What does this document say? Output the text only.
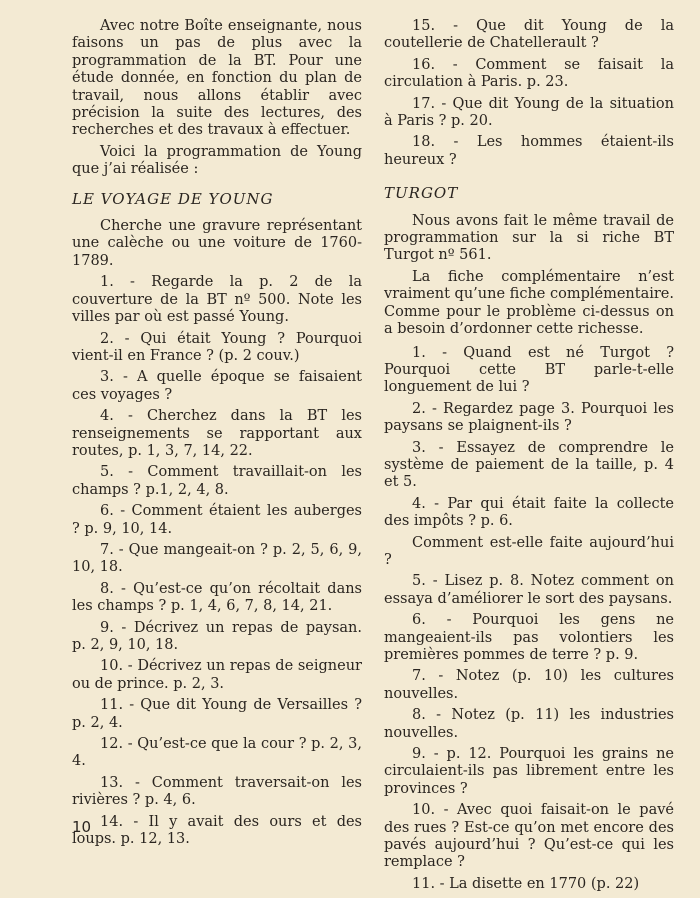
Avec notre Boîte enseignante, nous faisons un pas de plus avec la programmation de la BT. Pour une étude donnée, en fonction du plan de travail, nous allons établir avec précision la suite des lectures, des recherches et des travaux à effectuer.

Voici la programmation de Young que j’ai réalisée :

LE VOYAGE DE YOUNG

Cherche une gravure représentant une calèche ou une voiture de 1760-1789.

1. - Regarde la p. 2 de la couverture de la BT nº 500. Note les villes par où est passé Young.

2. - Qui était Young ? Pourquoi vient-il en France ? (p. 2 couv.)

3. - A quelle époque se faisaient ces voyages ?

4. - Cherchez dans la BT les renseignements se rapportant aux routes, p. 1, 3, 7, 14, 22.

5. - Comment travaillait-on les champs ? p.1, 2, 4, 8.

6. - Comment étaient les auberges ? p. 9, 10, 14.

7. - Que mangeait-on ? p. 2, 5, 6, 9, 10, 18.

8. - Qu’est-ce qu’on récoltait dans les champs ? p. 1, 4, 6, 7, 8, 14, 21.

9. - Décrivez un repas de paysan. p. 2, 9, 10, 18.

10. - Décrivez un repas de seigneur ou de prince. p. 2, 3.

11. - Que dit Young de Versailles ? p. 2, 4.

12. - Qu’est-ce que la cour ? p. 2, 3, 4.

13. - Comment traversait-on les rivières ? p. 4, 6.

14. - Il y avait des ours et des loups. p. 12, 13.

15. - Que dit Young de la coutellerie de Chatellerault ?

16. - Comment se faisait la circulation à Paris. p. 23.

17. - Que dit Young de la situation à Paris ? p. 20.

18. - Les hommes étaient-ils heureux ?

TURGOT

Nous avons fait le même travail de programmation sur la si riche BT Turgot nº 561.

La fiche complémentaire n’est vraiment qu’une fiche complémentaire. Comme pour le problème ci-dessus on a besoin d’ordonner cette richesse.

1. - Quand est né Turgot ? Pourquoi cette BT parle-t-elle longuement de lui ?

2. - Regardez page 3. Pourquoi les paysans se plaignent-ils ?

3. - Essayez de comprendre le système de paiement de la taille, p. 4 et 5.

4. - Par qui était faite la collecte des impôts ? p. 6.

Comment est-elle faite aujourd’hui ?

5. - Lisez p. 8. Notez comment on essaya d’améliorer le sort des paysans.

6. - Pourquoi les gens ne mangeaient-ils pas volontiers les premières pommes de terre ? p. 9.

7. - Notez (p. 10) les cultures nouvelles.

8. - Notez (p. 11) les industries nouvelles.

9. - p. 12. Pourquoi les grains ne circulaient-ils pas librement entre les provinces ?

10. - Avec quoi faisait-on le pavé des rues ? Est-ce qu’on met encore des pavés aujourd’hui ? Qu’est-ce qui les remplace ?

11. - La disette en 1770 (p. 22)

10
